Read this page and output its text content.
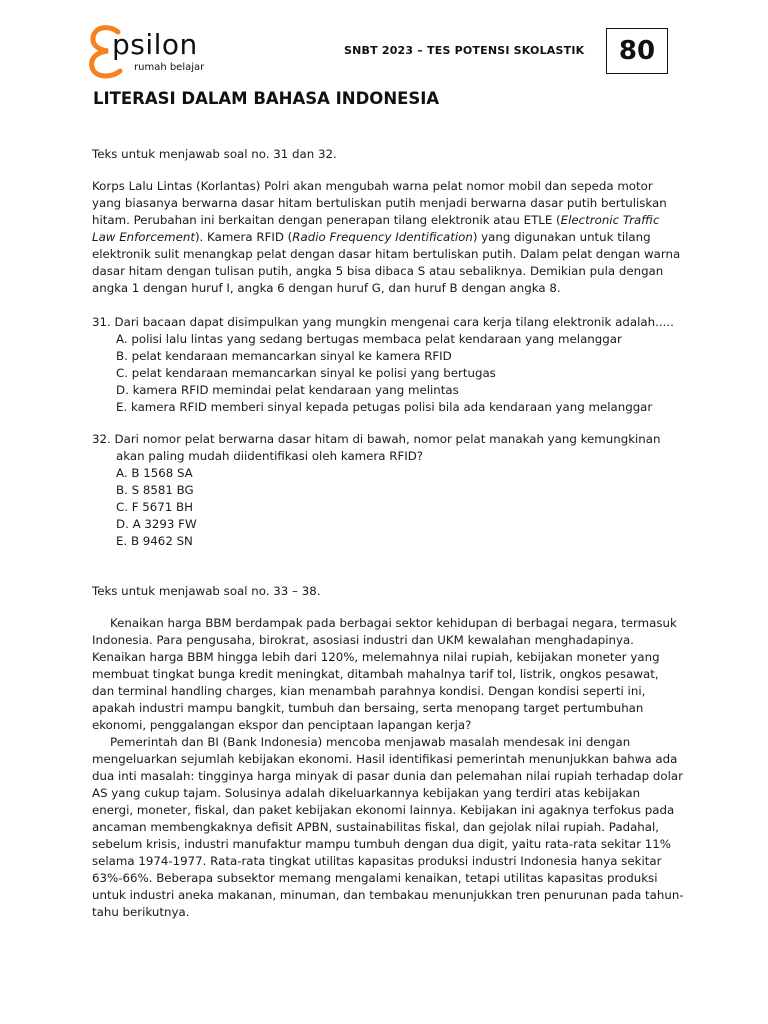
psilon
rumah belajar
SNBT 2023 – TES POTENSI SKOLASTIK	80
LITERASI DALAM BAHASA INDONESIA
Teks untuk menjawab soal no. 31 dan 32.

Korps Lalu Lintas (Korlantas) Polri akan mengubah warna pelat nomor mobil dan sepeda motor yang biasanya berwarna dasar hitam bertuliskan putih menjadi berwarna dasar putih bertuliskan hitam. Perubahan ini berkaitan dengan penerapan tilang elektronik atau ETLE (Electronic Traffic Law Enforcement). Kamera RFID (Radio Frequency Identification) yang digunakan untuk tilang elektronik sulit menangkap pelat dengan dasar hitam bertuliskan putih. Dalam pelat dengan warna dasar hitam dengan tulisan putih, angka 5 bisa dibaca S atau sebaliknya. Demikian pula dengan angka 1 dengan huruf I, angka 6 dengan huruf G, dan huruf B dengan angka 8.

31. Dari bacaan dapat disimpulkan yang mungkin mengenai cara kerja tilang elektronik adalah.....
A. polisi lalu lintas yang sedang bertugas membaca pelat kendaraan yang melanggar
B. pelat kendaraan memancarkan sinyal ke kamera RFID
C. pelat kendaraan memancarkan sinyal ke polisi yang bertugas
D. kamera RFID memindai pelat kendaraan yang melintas
E. kamera RFID memberi sinyal kepada petugas polisi bila ada kendaraan yang melanggar
32. Dari nomor pelat berwarna dasar hitam di bawah, nomor pelat manakah yang kemungkinan akan paling mudah diidentifikasi oleh kamera RFID?
A. B 1568 SA
B. S 8581 BG
C. F 5671 BH
D. A 3293 FW
E. B 9462 SN
Teks untuk menjawab soal no. 33 – 38.

Kenaikan harga BBM berdampak pada berbagai sektor kehidupan di berbagai negara, termasuk Indonesia. Para pengusaha, birokrat, asosiasi industri dan UKM kewalahan menghadapinya. Kenaikan harga BBM hingga lebih dari 120%, melemahnya nilai rupiah, kebijakan moneter yang membuat tingkat bunga kredit meningkat, ditambah mahalnya tarif tol, listrik, ongkos pesawat, dan terminal handling charges, kian menambah parahnya kondisi. Dengan kondisi seperti ini, apakah industri mampu bangkit, tumbuh dan bersaing, serta menopang target pertumbuhan ekonomi, penggalangan ekspor dan penciptaan lapangan kerja?

Pemerintah dan BI (Bank Indonesia) mencoba menjawab masalah mendesak ini dengan mengeluarkan sejumlah kebijakan ekonomi. Hasil identifikasi pemerintah menunjukkan bahwa ada dua inti masalah: tingginya harga minyak di pasar dunia dan pelemahan nilai rupiah terhadap dolar AS yang cukup tajam. Solusinya adalah dikeluarkannya kebijakan yang terdiri atas kebijakan energi, moneter, fiskal, dan paket kebijakan ekonomi lainnya. Kebijakan ini agaknya terfokus pada ancaman membengkaknya defisit APBN, sustainabilitas fiskal, dan gejolak nilai rupiah. Padahal, sebelum krisis, industri manufaktur mampu tumbuh dengan dua digit, yaitu rata-rata sekitar 11% selama 1974-1977. Rata-rata tingkat utilitas kapasitas produksi industri Indonesia hanya sekitar 63%-66%. Beberapa subsektor memang mengalami kenaikan, tetapi utilitas kapasitas produksi untuk industri aneka makanan, minuman, dan tembakau menunjukkan tren penurunan pada tahun-tahu berikutnya.
